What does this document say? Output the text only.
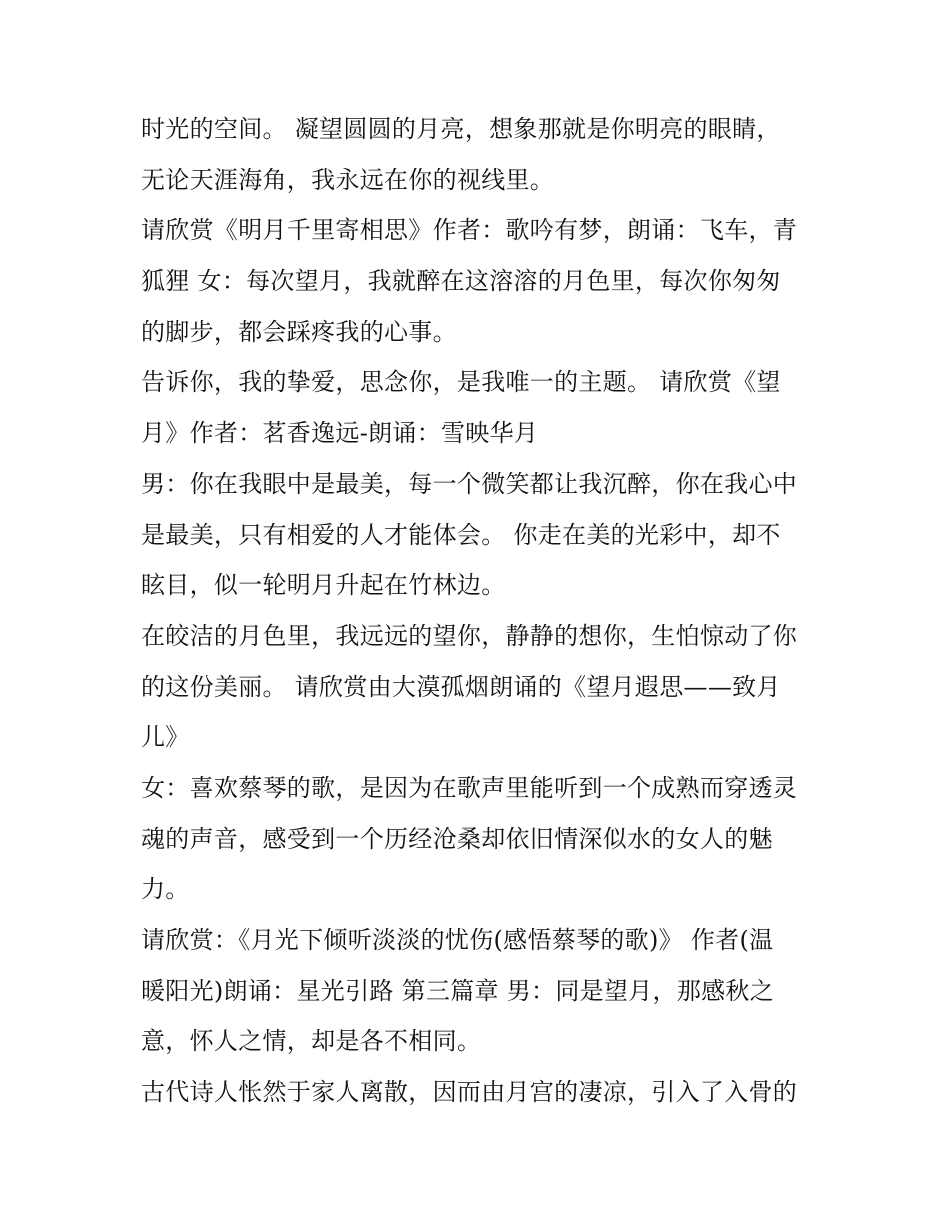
时光的空间。 凝望圆圆的月亮，想象那就是你明亮的眼睛，
无论天涯海角，我永远在你的视线里。
请欣赏《明月千里寄相思》作者：歌吟有梦，朗诵：飞车，青
狐狸 女：每次望月，我就醉在这溶溶的月色里，每次你匆匆
的脚步，都会踩疼我的心事。
告诉你，我的挚爱，思念你，是我唯一的主题。 请欣赏《望
月》作者：茗香逸远-朗诵：雪映华月
男：你在我眼中是最美，每一个微笑都让我沉醉，你在我心中
是最美，只有相爱的人才能体会。 你走在美的光彩中，却不
眩目，似一轮明月升起在竹林边。
在皎洁的月色里，我远远的望你，静静的想你，生怕惊动了你
的这份美丽。 请欣赏由大漠孤烟朗诵的《望月遐思——致月
儿》
女：喜欢蔡琴的歌，是因为在歌声里能听到一个成熟而穿透灵
魂的声音，感受到一个历经沧桑却依旧情深似水的女人的魅
力。
请欣赏：《月光下倾听淡淡的忧伤(感悟蔡琴的歌)》 作者(温
暖阳光)朗诵：星光引路 第三篇章 男：同是望月，那感秋之
意，怀人之情，却是各不相同。
古代诗人怅然于家人离散，因而由月宫的凄凉，引入了入骨的
